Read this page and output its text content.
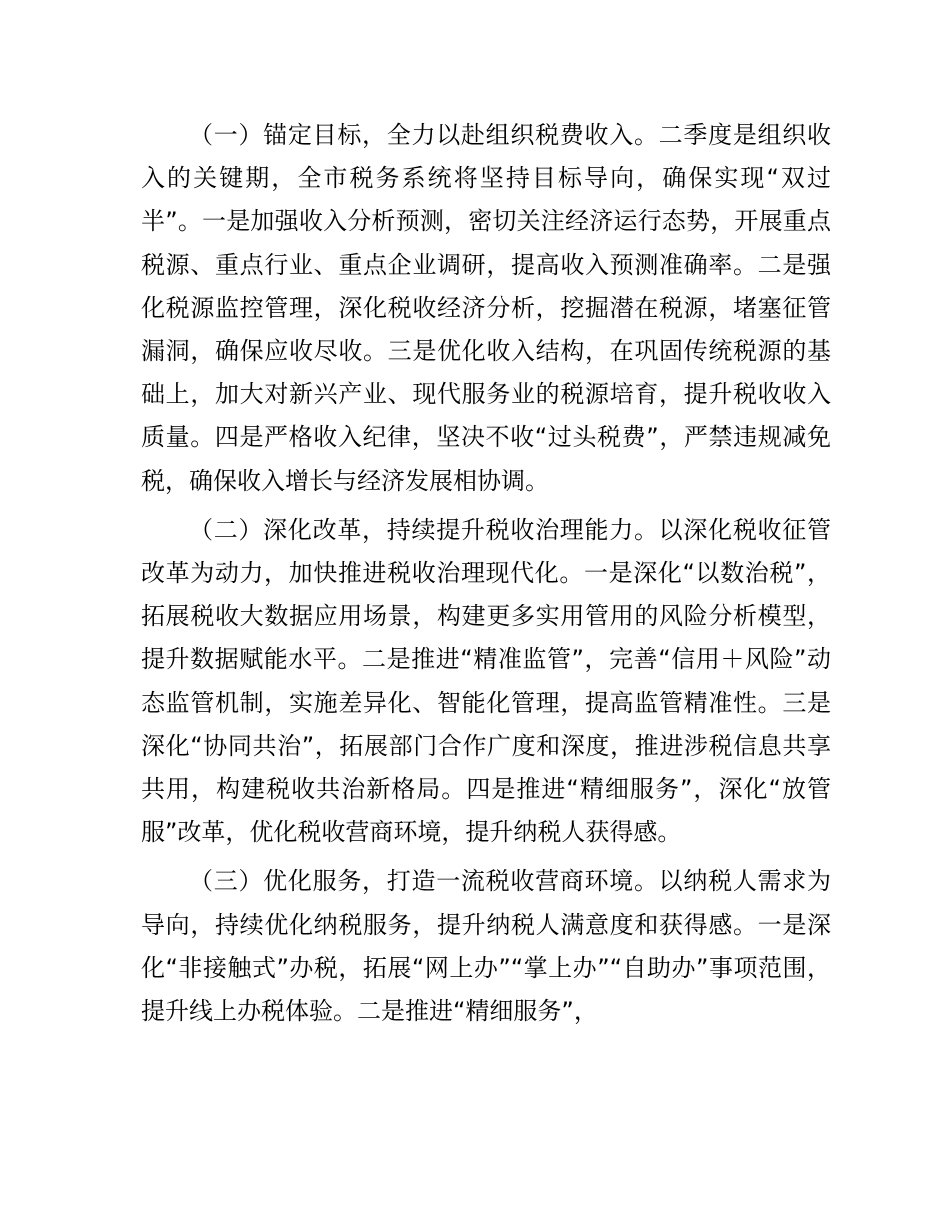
（一）锚定目标，全力以赴组织税费收入。二季度是组织收入的关键期，全市税务系统将坚持目标导向，确保实现“双过半”。一是加强收入分析预测，密切关注经济运行态势，开展重点税源、重点行业、重点企业调研，提高收入预测准确率。二是强化税源监控管理，深化税收经济分析，挖掘潜在税源，堵塞征管漏洞，确保应收尽收。三是优化收入结构，在巩固传统税源的基础上，加大对新兴产业、现代服务业的税源培育，提升税收收入质量。四是严格收入纪律，坚决不收“过头税费”，严禁违规减免税，确保收入增长与经济发展相协调。

（二）深化改革，持续提升税收治理能力。以深化税收征管改革为动力，加快推进税收治理现代化。一是深化“以数治税”，拓展税收大数据应用场景，构建更多实用管用的风险分析模型，提升数据赋能水平。二是推进“精准监管”，完善“信用＋风险”动态监管机制，实施差异化、智能化管理，提高监管精准性。三是深化“协同共治”，拓展部门合作广度和深度，推进涉税信息共享共用，构建税收共治新格局。四是推进“精细服务”，深化“放管服”改革，优化税收营商环境，提升纳税人获得感。

（三）优化服务，打造一流税收营商环境。以纳税人需求为导向，持续优化纳税服务，提升纳税人满意度和获得感。一是深化“非接触式”办税，拓展“网上办”“掌上办”“自助办”事项范围，提升线上办税体验。二是推进“精细服务”，
